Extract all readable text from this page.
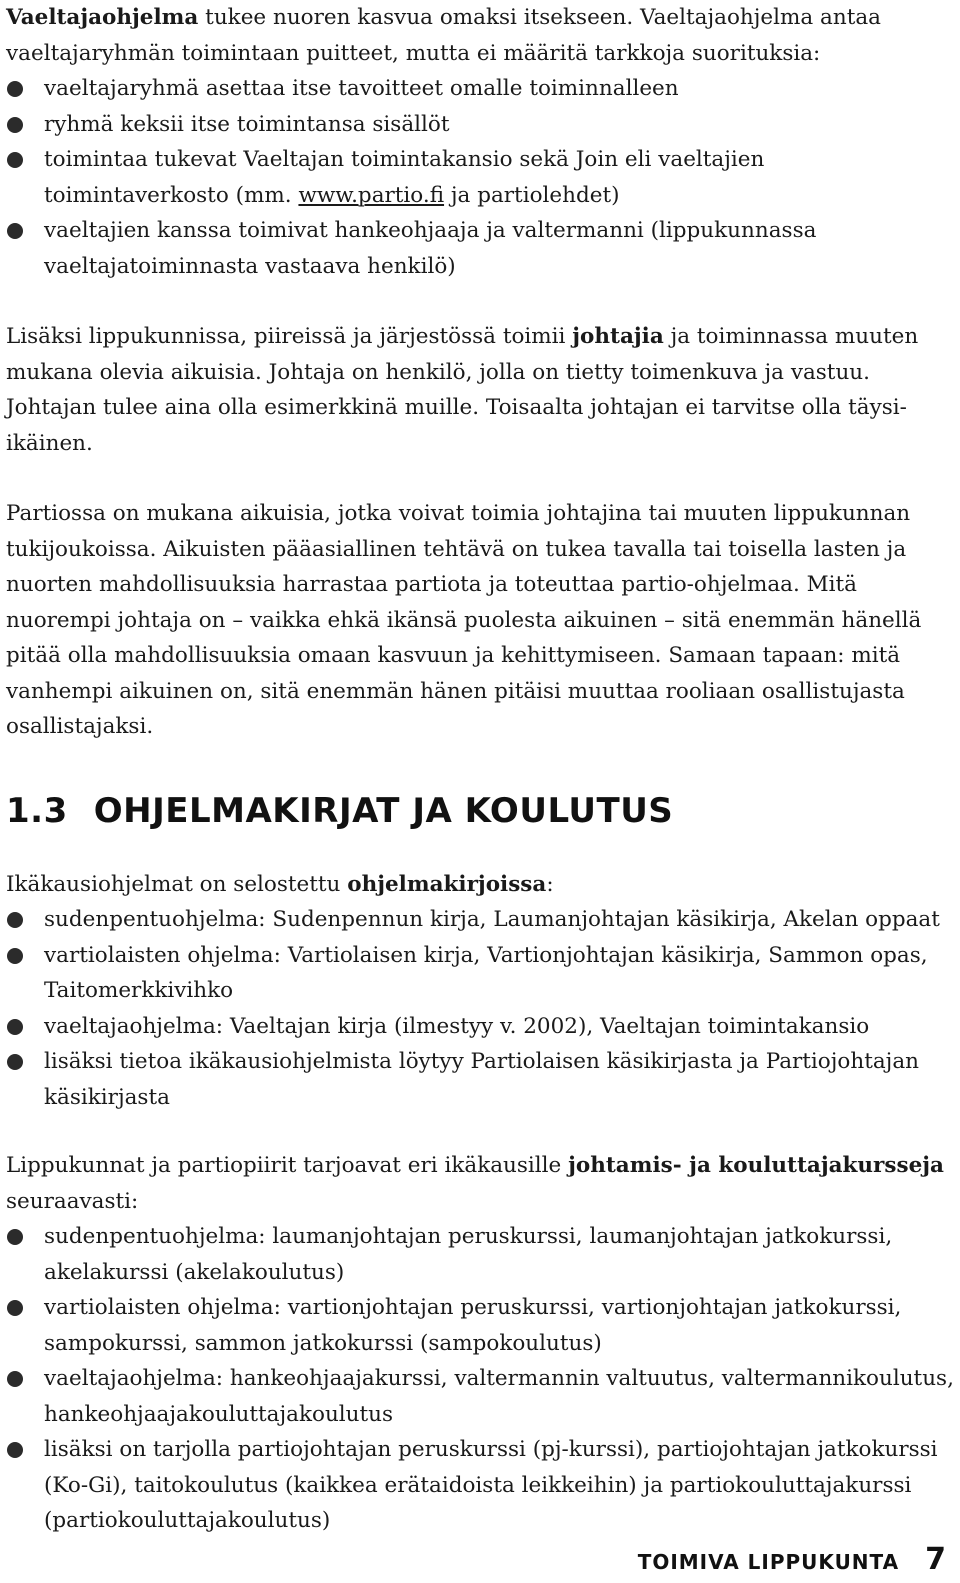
Vaeltajaohjelma tukee nuoren kasvua omaksi itsekseen. Vaeltajaohjelma antaa vaeltajaryhmän toimintaan puitteet, mutta ei määritä tarkkoja suorituksia:

vaeltajaryhmä asettaa itse tavoitteet omalle toiminnalleen
ryhmä keksii itse toimintansa sisällöt
toimintaa tukevat Vaeltajan toimintakansio sekä Join eli vaeltajien toimintaverkosto (mm. www.partio.fi ja partiolehdet)
vaeltajien kanssa toimivat hankeohjaaja ja valtermanni (lippukunnassa vaeltajatoiminnasta vastaava henkilö)

Lisäksi lippukunnissa, piireissä ja järjestössä toimii johtajia ja toiminnassa muuten mukana olevia aikuisia. Johtaja on henkilö, jolla on tietty toimenkuva ja vastuu. Johtajan tulee aina olla esimerkkinä muille. Toisaalta johtajan ei tarvitse olla täysi-ikäinen.

Partiossa on mukana aikuisia, jotka voivat toimia johtajina tai muuten lippukunnan tukijoukoissa. Aikuisten pääasiallinen tehtävä on tukea tavalla tai toisella lasten ja nuorten mahdollisuuksia harrastaa partiota ja toteuttaa partio-ohjelmaa. Mitä nuorempi johtaja on – vaikka ehkä ikänsä puolesta aikuinen – sitä enemmän hänellä pitää olla mahdollisuuksia omaan kasvuun ja kehittymiseen. Samaan tapaan: mitä vanhempi aikuinen on, sitä enemmän hänen pitäisi muuttaa rooliaan osallistujasta osallistajaksi.

1.3 OHJELMAKIRJAT JA KOULUTUS

Ikäkausiohjelmat on selostettu ohjelmakirjoissa:

sudenpentuohjelma: Sudenpennun kirja, Laumanjohtajan käsikirja, Akelan oppaat
vartiolaisten ohjelma: Vartiolaisen kirja, Vartionjohtajan käsikirja, Sammon opas, Taitomerkkivihko
vaeltajaohjelma: Vaeltajan kirja (ilmestyy v. 2002), Vaeltajan toimintakansio
lisäksi tietoa ikäkausiohjelmista löytyy Partiolaisen käsikirjasta ja Partiojohtajan käsikirjasta

Lippukunnat ja partiopiirit tarjoavat eri ikäkausille johtamis- ja kouluttajakursseja seuraavasti:

sudenpentuohjelma: laumanjohtajan peruskurssi, laumanjohtajan jatkokurssi, akelakurssi (akelakoulutus)
vartiolaisten ohjelma: vartionjohtajan peruskurssi, vartionjohtajan jatkokurssi, sampokurssi, sammon jatkokurssi (sampokoulutus)
vaeltajaohjelma: hankeohjaajakurssi, valtermannin valtuutus, valtermannikoulutus, hankeohjaajakouluttajakoulutus
lisäksi on tarjolla partiojohtajan peruskurssi (pj-kurssi), partiojohtajan jatkokurssi (Ko-Gi), taitokoulutus (kaikkea erätaidoista leikkeihin) ja partiokouluttajakurssi (partiokouluttajakoulutus)
TOIMIVA LIPPUKUNTA 7
